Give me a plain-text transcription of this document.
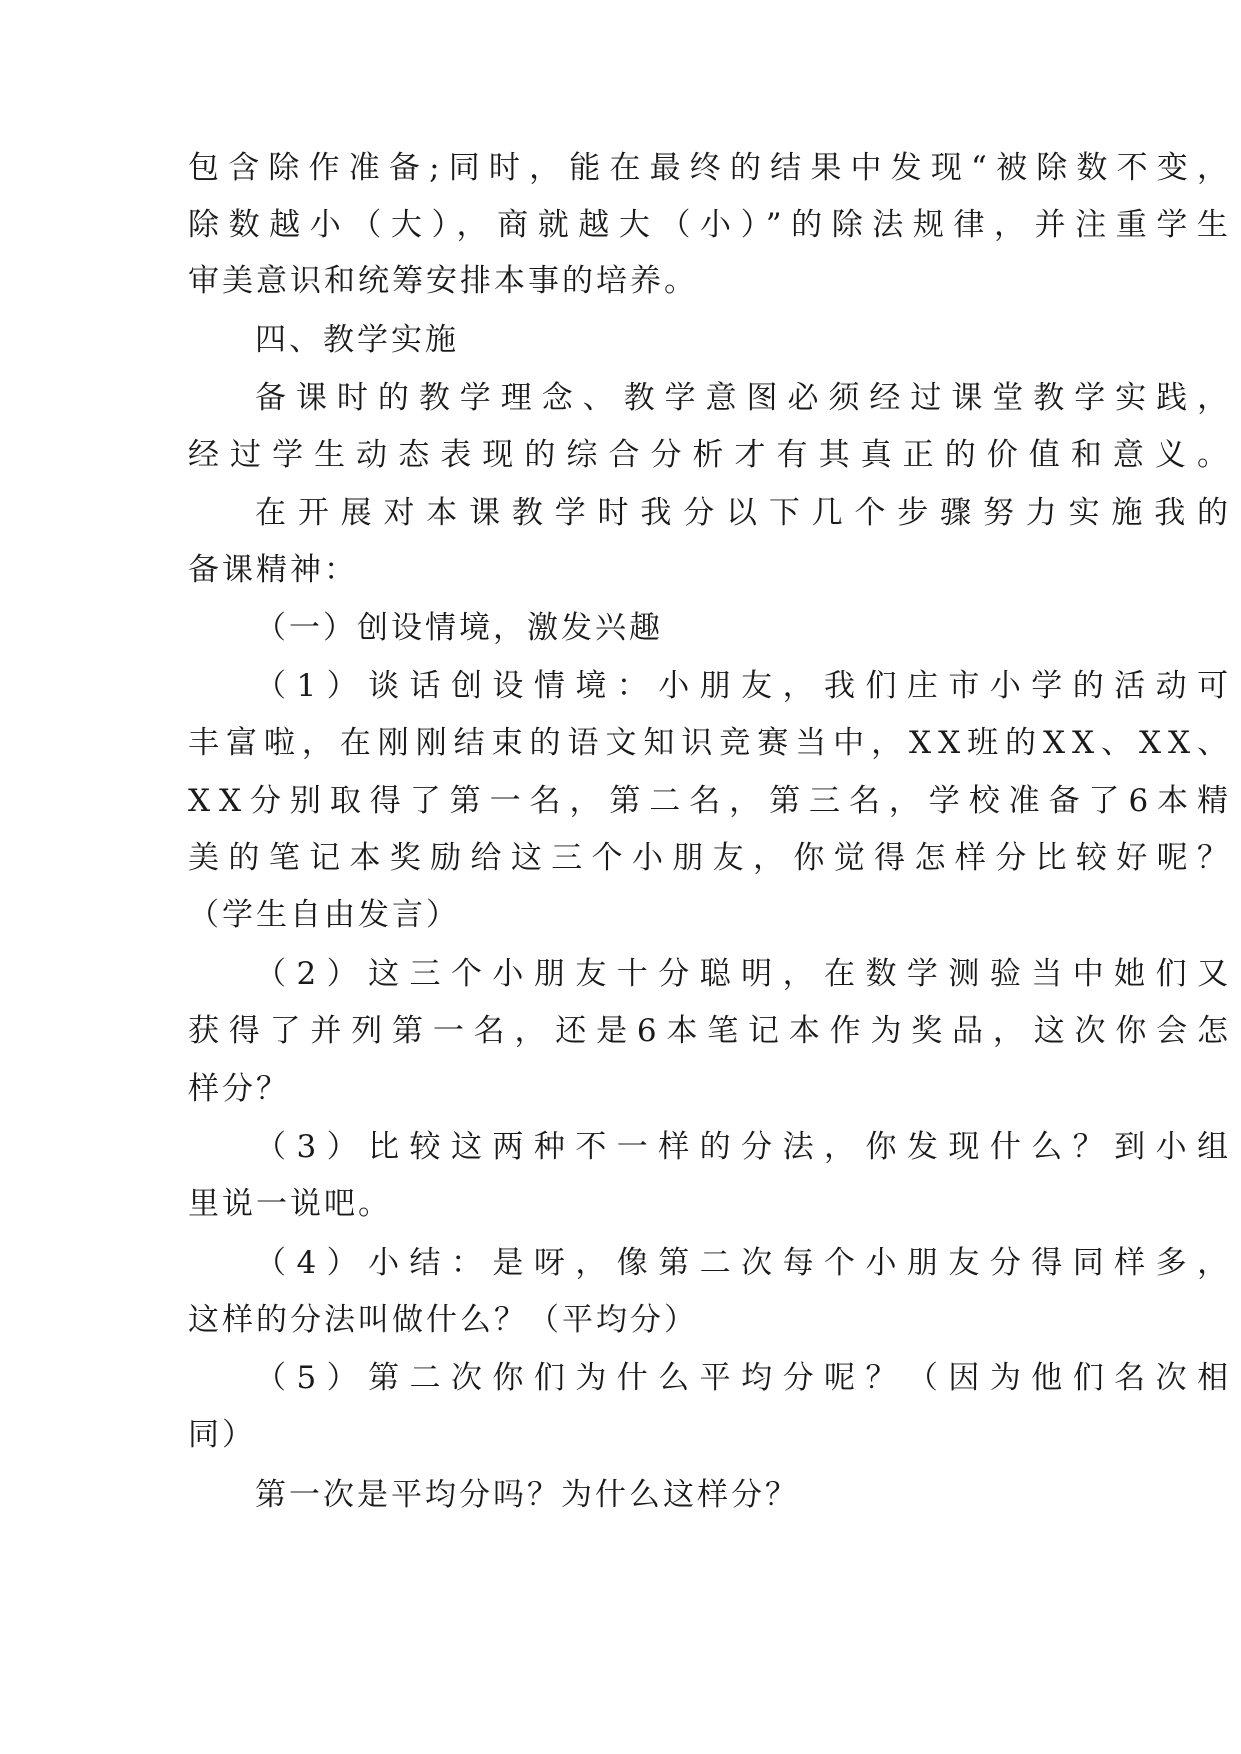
包含除作准备;同时，能在最终的结果中发现“被除数不变，
除数越小（大），商就越大（小）”的除法规律，并注重学生
审美意识和统筹安排本事的培养。
四、教学实施
备课时的教学理念、教学意图必须经过课堂教学实践，
经过学生动态表现的综合分析才有其真正的价值和意义。
在开展对本课教学时我分以下几个步骤努力实施我的
备课精神：
（一）创设情境，激发兴趣
（1）谈话创设情境：小朋友，我们庄市小学的活动可
丰富啦，在刚刚结束的语文知识竞赛当中，XX班的XX、XX、
XX分别取得了第一名，第二名，第三名，学校准备了6本精
美的笔记本奖励给这三个小朋友，你觉得怎样分比较好呢？
（学生自由发言）
（2）这三个小朋友十分聪明，在数学测验当中她们又
获得了并列第一名，还是6本笔记本作为奖品，这次你会怎
样分？
（3）比较这两种不一样的分法，你发现什么？到小组
里说一说吧。
（4）小结：是呀，像第二次每个小朋友分得同样多，
这样的分法叫做什么？（平均分）
（5）第二次你们为什么平均分呢？（因为他们名次相
同）
第一次是平均分吗？为什么这样分？
